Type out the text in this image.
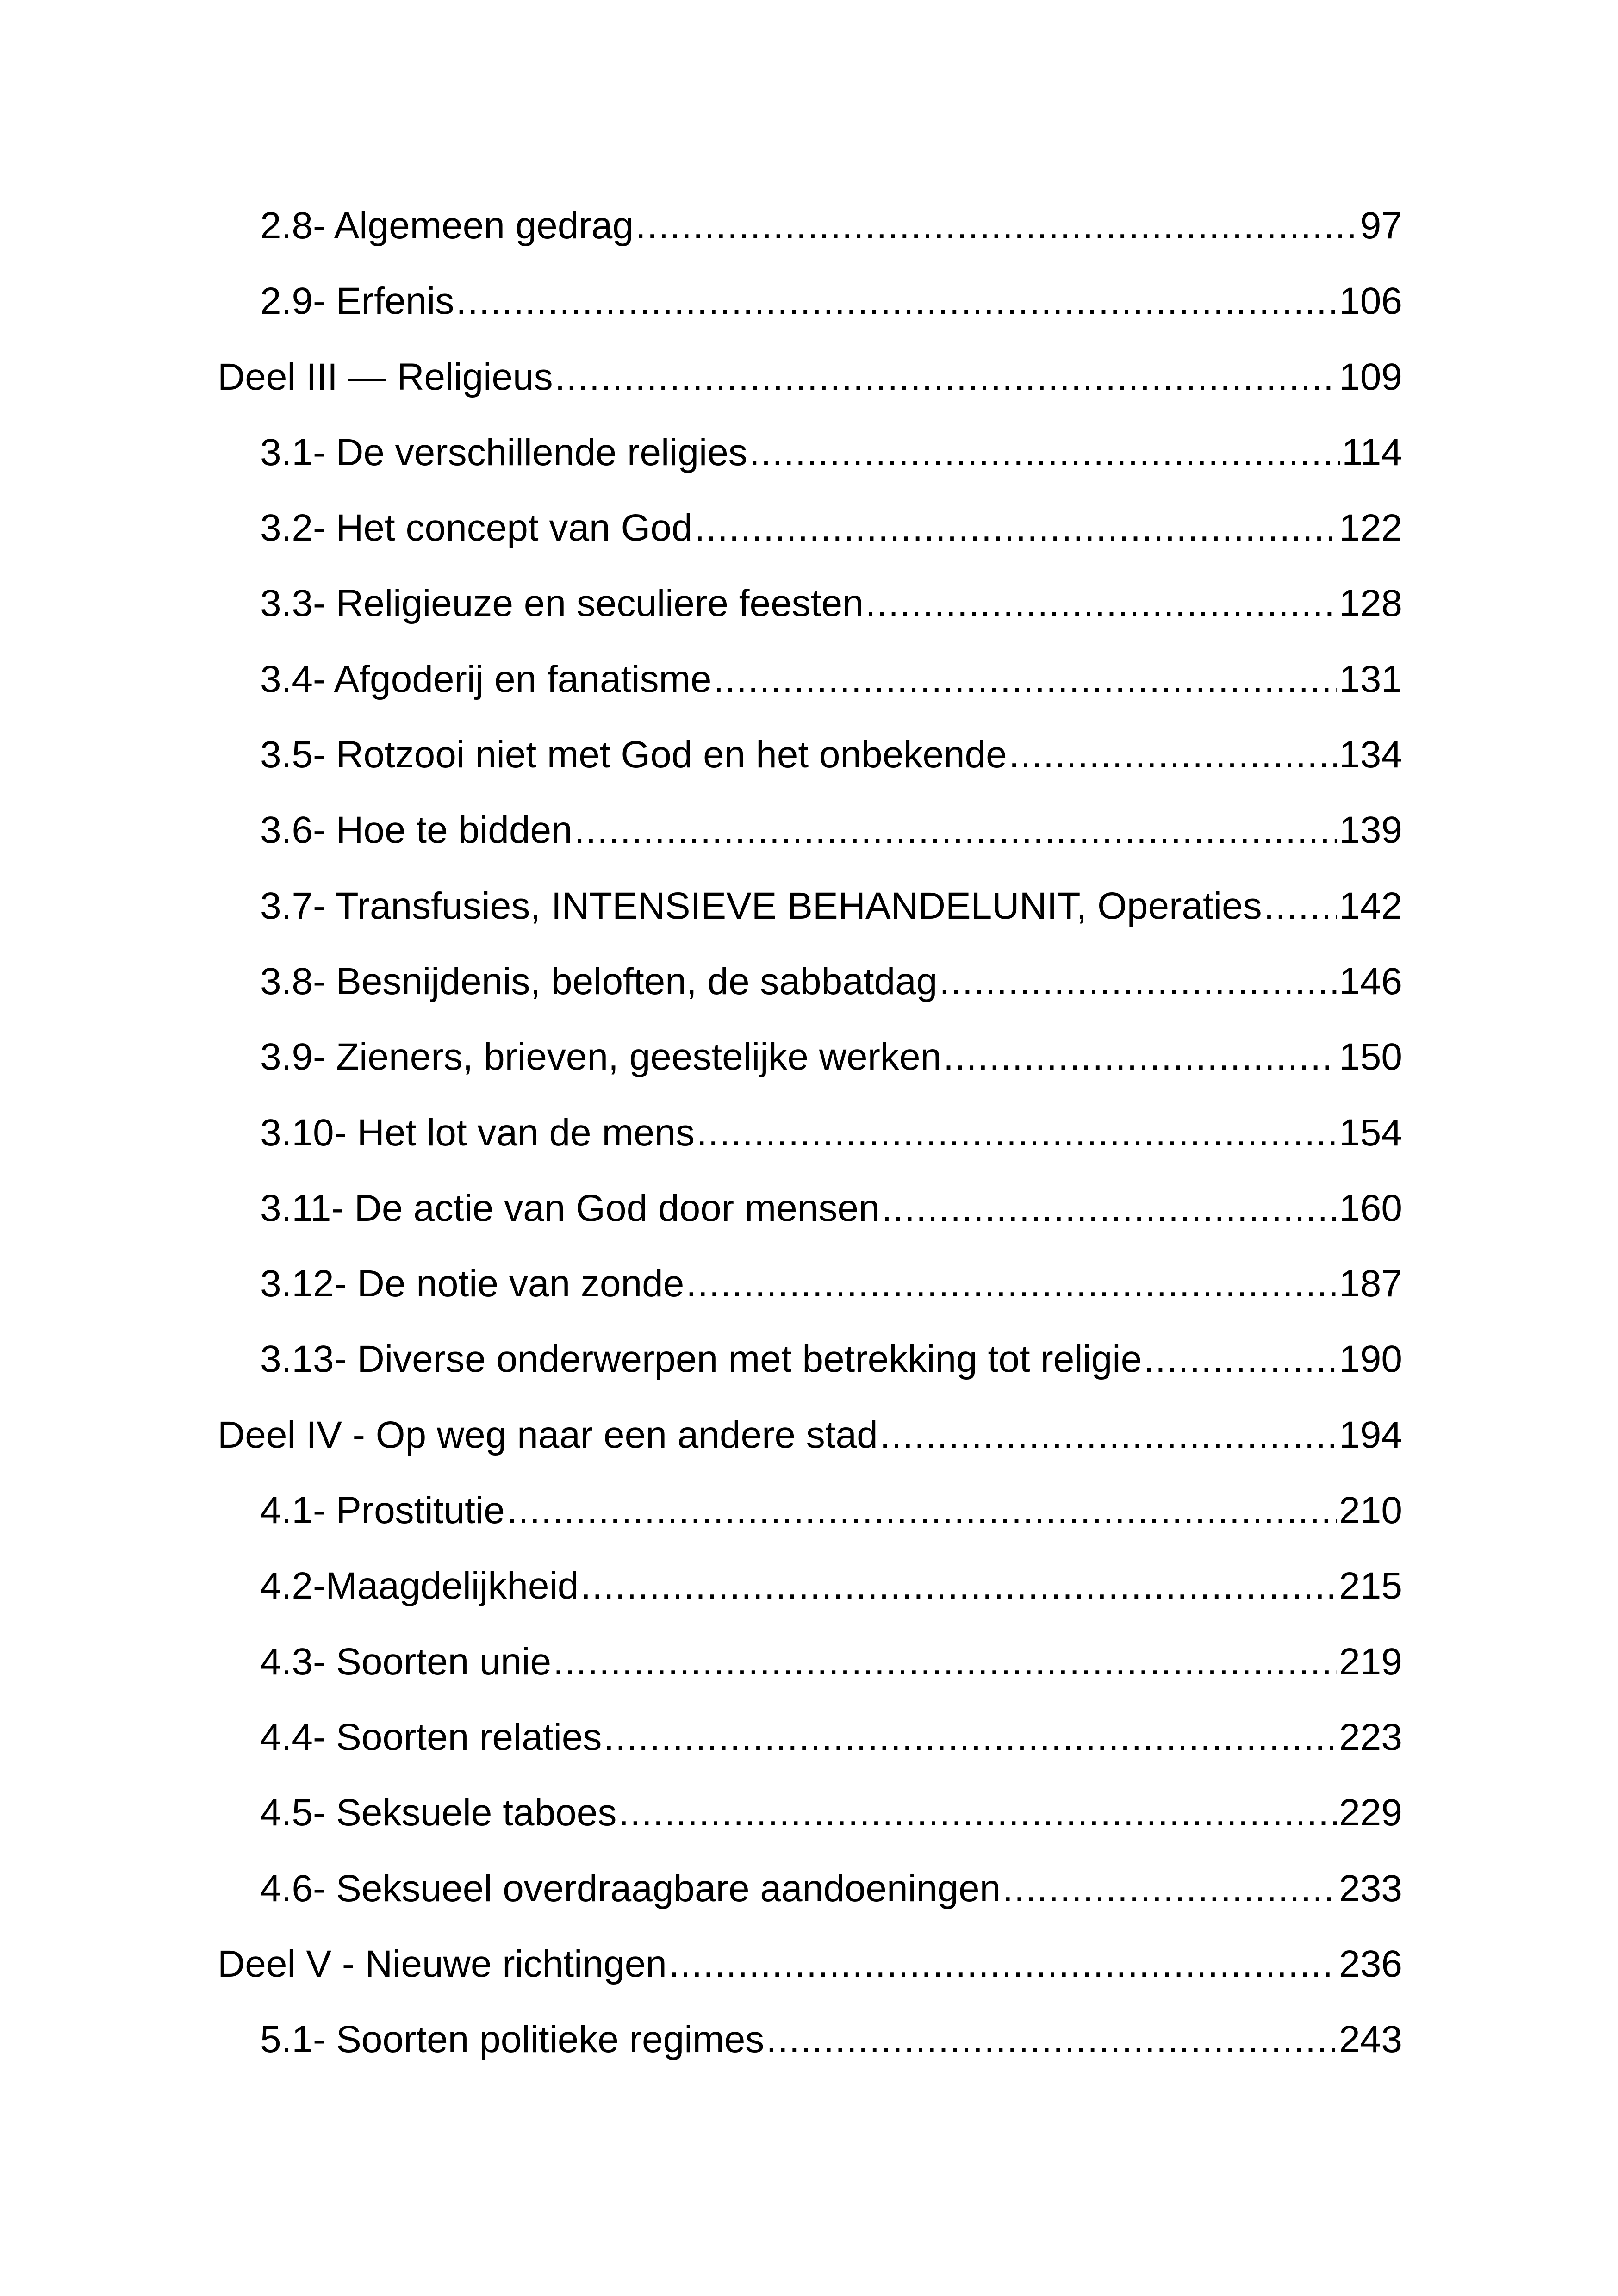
2.8- Algemeen gedrag .....	97
2.9- Erfenis .....	106
Deel III — Religieus .....	109
3.1- De verschillende religies .....	114
3.2- Het concept van God .....	122
3.3- Religieuze en seculiere feesten .....	128
3.4- Afgoderij en fanatisme .....	131
3.5- Rotzooi niet met God en het onbekende .....	134
3.6- Hoe te bidden .....	139
3.7- Transfusies, INTENSIEVE BEHANDELUNIT, Operaties ..... 142
3.8- Besnijdenis, beloften, de sabbatdag .....	146
3.9- Zieners, brieven, geestelijke werken .....	150
3.10- Het lot van de mens .....	154
3.11- De actie van God door mensen .....	160
3.12- De notie van zonde .....	187
3.13- Diverse onderwerpen met betrekking tot religie .....	190
Deel IV - Op weg naar een andere stad .....	194
4.1- Prostitutie .....	210
4.2-Maagdelijkheid .....	215
4.3- Soorten unie .....	219
4.4- Soorten relaties .....	223
4.5- Seksuele taboes .....	229
4.6- Seksueel overdraagbare aandoeningen .....	233
Deel V - Nieuwe richtingen .....	236
5.1- Soorten politieke regimes .....	243
